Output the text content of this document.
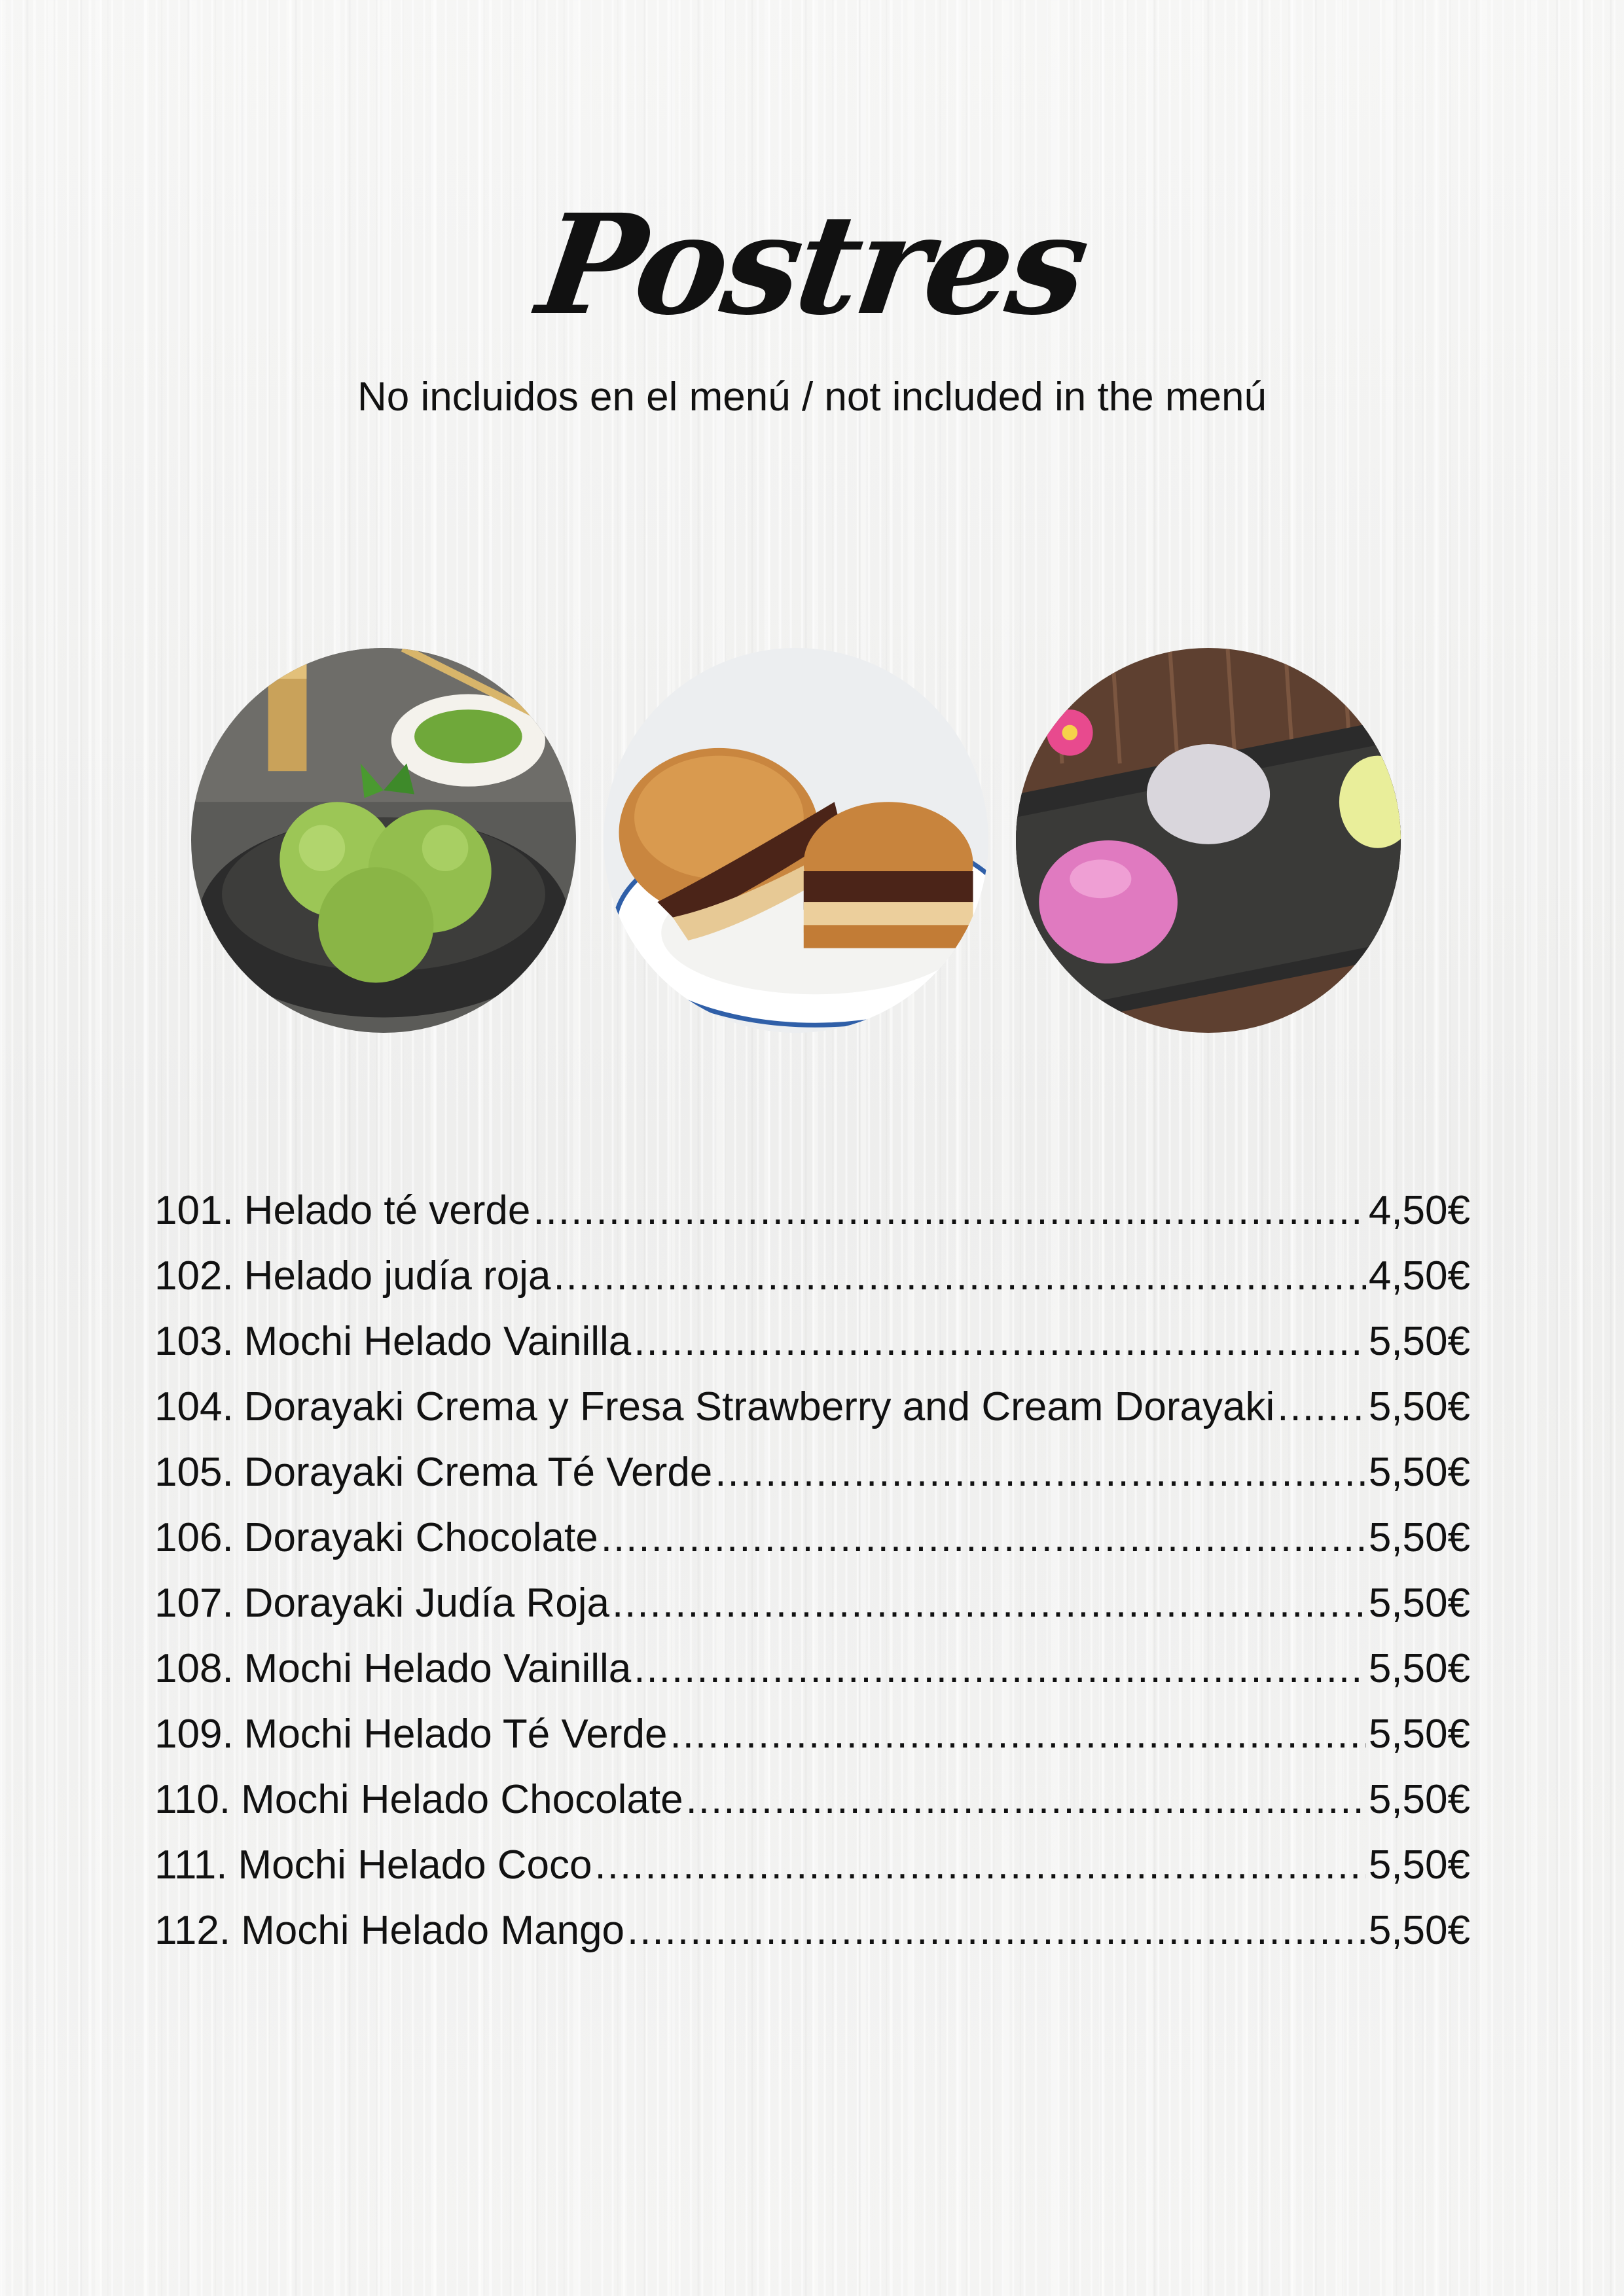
Postres
No incluidos en el menú / not included in the menú
101. Helado té verde .....	4,50€
102. Helado judía roja .....	4,50€
103. Mochi Helado Vainilla .....	5,50€
104. Dorayaki Crema y Fresa Strawberry and Cream Dorayaki ..... 5,50€
105. Dorayaki Crema Té Verde .....	5,50€
106. Dorayaki Chocolate .....	5,50€
107. Dorayaki Judía Roja .....	5,50€
108. Mochi Helado Vainilla .....	5,50€
109. Mochi Helado Té Verde .....	5,50€
110. Mochi Helado Chocolate .....	5,50€
111. Mochi Helado Coco .....	5,50€
112. Mochi Helado Mango .....	5,50€
